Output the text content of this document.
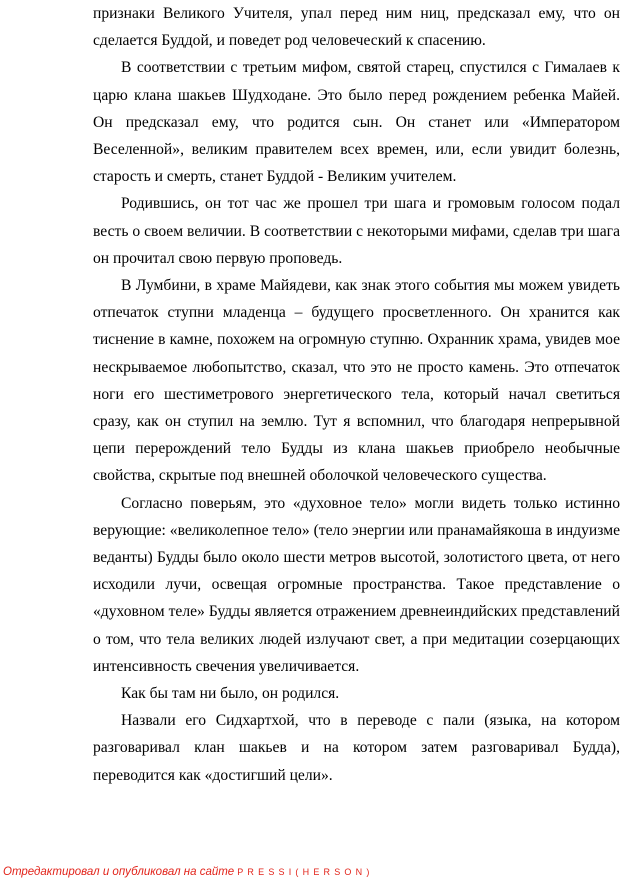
признаки Великого Учителя, упал перед ним ниц, предсказал ему, что он сделается Буддой, и поведет род человеческий к спасению.

В соответствии с третьим мифом, святой старец, спустился с Гималаев к царю клана шакьев Шудходане. Это было перед рождением ребенка Майей. Он предсказал ему, что родится сын. Он станет или «Императором Веселенной», великим правителем всех времен, или, если увидит болезнь, старость и смерть, станет Буддой - Великим учителем.

Родившись, он тот час же прошел три шага и громовым голосом подал весть о своем величии. В соответствии с некоторыми мифами, сделав три шага он прочитал свою первую проповедь.

В Лумбини, в храме Майядеви, как знак этого события мы можем увидеть отпечаток ступни младенца – будущего просветленного. Он хранится как тиснение в камне, похожем на огромную ступню. Охранник храма, увидев мое нескрываемое любопытство, сказал, что это не просто камень. Это отпечаток ноги его шестиметрового энергетического тела, который начал светиться сразу, как он ступил на землю. Тут я вспомнил, что благодаря непрерывной цепи перерождений тело Будды из клана шакьев приобрело необычные свойства, скрытые под внешней оболочкой человеческого существа.

Согласно поверьям, это «духовное тело» могли видеть только истинно верующие: «великолепное тело» (тело энергии или пранамайякоша в индуизме веданты) Будды было около шести метров высотой, золотистого цвета, от него исходили лучи, освещая огромные пространства. Такое представление о «духовном теле» Будды является отражением древнеиндийских представлений о том, что тела великих людей излучают свет, а при медитации созерцающих интенсивность свечения увеличивается.

Как бы там ни было, он родился.

Назвали его Сидхартхой, что в переводе с пали (языка, на котором разговаривал клан шакьев и на котором затем разговаривал Будда), переводится как «достигший цели».

Отредактировал и опубликовал на сайте PRESSI(HERSON)
